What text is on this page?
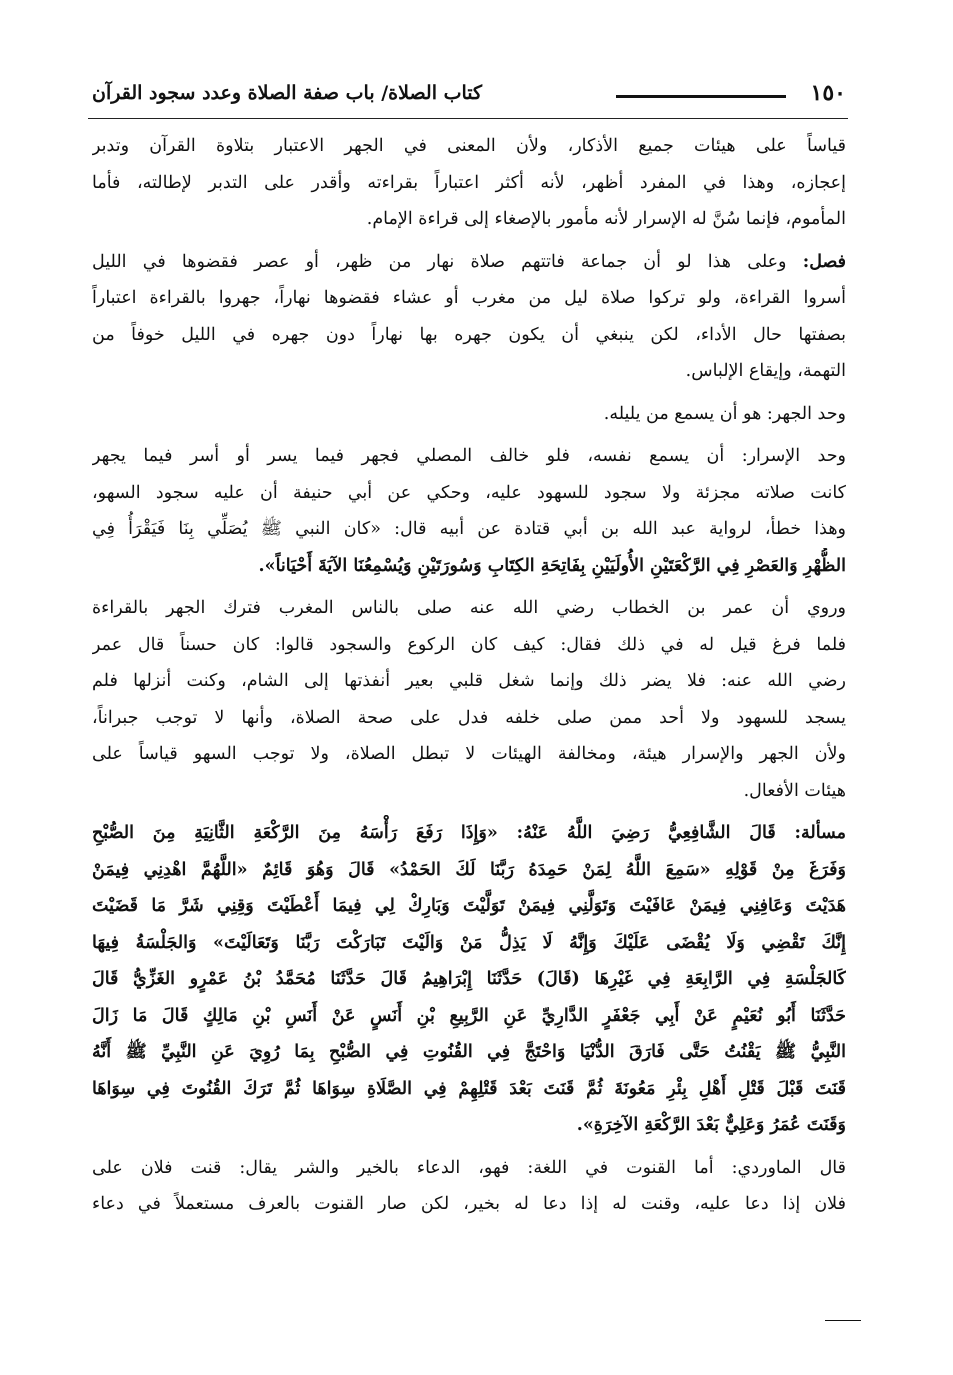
١٥٠
كتاب الصلاة/ باب صفة الصلاة وعدد سجود القرآن
قياساً على هيئات جميع الأذكار، ولأن المعنى في الجهر الاعتبار بتلاوة القرآن وتدبر
إعجازه، وهذا في المفرد أظهر، لأنه أكثر اعتباراً بقراءته وأقدر على التدبر لإطالته، فأما
المأموم، فإنما سُنَّ له الإسرار لأنه مأمور بالإصغاء إلى قراءة الإمام.
فصل: وعلى هذا لو أن جماعة فاتتهم صلاة نهار من ظهر، أو عصر فقضوها في الليل
أسروا القراءة، ولو تركوا صلاة ليل من مغرب أو عشاء فقضوها نهاراً، جهروا بالقراءة اعتباراً
بصفتها حال الأداء، لكن ينبغي أن يكون جهره بها نهاراً دون جهره في الليل خوفاً من
التهمة، وإيقاع الإلباس.
وحد الجهر: هو أن يسمع من يليله.
وحد الإسرار: أن يسمع نفسه، فلو خالف المصلي فجهر فيما يسر أو أسر فيما يجهر
كانت صلاته مجزئة ولا سجود للسهود عليه، وحكي عن أبي حنيفة أن عليه سجود السهو،
وهذا خطأ، لرواية عبد الله بن أبي قتادة عن أبيه قال: «كان النبي ﷺ يُصَلِّي بِنَا فَيَقْرَأُ فِي
الظُّهْرِ وَالعَصْرِ فِي الرَّكْعَتَيْنِ الأُولَيَيْنِ بِفَاتِحَةِ الكِتَابِ وَسُورَتَيْنِ وَيُسْمِعُنَا الآيَةَ أَحْيَاناً».
وروي أن عمر بن الخطاب رضي الله عنه صلى بالناس المغرب فترك الجهر بالقراءة
فلما فرغ قيل له في ذلك فقال: كيف كان الركوع والسجود قالوا: كان حسناً قال عمر
رضي الله عنه: فلا يضر ذلك وإنما شغل قلبي بعير أنفذتها إلى الشام، وكنت أنزلها فلم
يسجد للسهود ولا أحد ممن صلى خلفه فدل على صحة الصلاة، وأنها لا توجب جبراناً،
ولأن الجهر والإسرار هيئة، ومخالفة الهيئات لا تبطل الصلاة، ولا توجب السهو قياساً على
هيئات الأفعال.
مسألة: قَالَ الشَّافِعِيُّ رَضِيَ اللَّهُ عَنْهُ: «وَإِذَا رَفَعَ رَأْسَهُ مِنَ الرَّكْعَةِ الثَّانِيَةِ مِنَ الصُّبْحِ
وَفَرَغَ مِنْ قَوْلِهِ «سَمِعَ اللَّهُ لِمَنْ حَمِدَهُ رَبَّنَا لَكَ الحَمْدُ» قَالَ وَهُوَ قَائِمٌ «اللَّهُمَّ اهْدِنِي فِيمَنْ
هَدَيْتَ وَعَافِنِي فِيمَنْ عَافَيْتَ وَتَوَلَّنِي فِيمَنْ تَوَلَّيْتَ وَبَارِكْ لِي فِيمَا أَعْطَيْتَ وَقِنِي شَرَّ مَا قَضَيْتَ
إِنَّكَ تَقْضِي وَلَا يُقْضَى عَلَيْكَ وَإِنَّهُ لَا يَذِلُّ مَنْ وَالَيْتَ تَبَارَكْتَ رَبَّنَا وَتَعَالَيْتَ» وَالجَلْسَةُ فِيهَا
كَالجَلْسَةِ فِي الرَّابِعَةِ فِي غَيْرِهَا (قَالَ) حَدَّثَنَا إِبْرَاهِيمُ قَالَ حَدَّثَنَا مُحَمَّدُ بْنُ عَمْرٍو الغَزِّيُّ قَالَ
حَدَّثَنَا أَبُو نُعَيْمٍ عَنْ أَبِي جَعْفَرٍ الدَّارِيِّ عَنِ الرَّبِيعِ بْنِ أَنَسٍ عَنْ أَنَسِ بْنِ مَالِكٍ قَالَ مَا زَالَ
النَّبِيُّ ﷺ يَقْنُتُ حَتَّى فَارَقَ الدُّنْيَا وَاحْتَجَّ فِي القُنُوتِ فِي الصُّبْحِ بِمَا رُوِيَ عَنِ النَّبِيِّ ﷺ أَنَّهُ
قَنَتَ قَبْلَ قَتْلِ أَهْلِ بِئْرِ مَعُونَةَ ثُمَّ قَنَتَ بَعْدَ قَتْلِهِمْ فِي الصَّلَاةِ سِوَاهَا ثُمَّ تَرَكَ القُنُوتَ فِي سِوَاهَا
وَقَنَتَ عُمَرُ وَعَلِيٌّ بَعْدَ الرَّكْعَةِ الآخِرَةِ».
قال الماوردي: أما القنوت في اللغة: فهو، الدعاء بالخير والشر يقال: قنت فلان على
فلان إذا دعا عليه، وقنت له إذا دعا له بخير، لكن صار القنوت بالعرف مستعملاً في دعاء
